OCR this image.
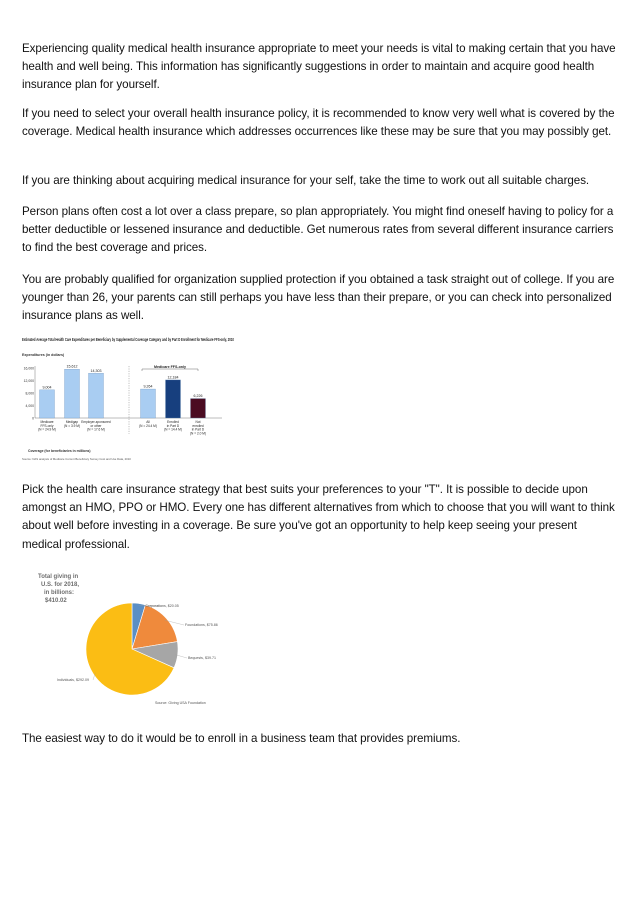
Experiencing quality medical health insurance appropriate to meet your needs is vital to making certain that you have health and well being. This information has significantly suggestions in order to maintain and acquire good health insurance plan for yourself.

If you need to select your overall health insurance policy, it is recommended to know very well what is covered by the coverage. Medical health insurance which addresses occurrences like these may be sure that you may possibly get.

If you are thinking about acquiring medical insurance for your self, take the time to work out all suitable charges.

Person plans often cost a lot over a class prepare, so plan appropriately. You might find oneself having to policy for a better deductible or lessened insurance and deductible. Get numerous rates from several different insurance carriers to find the best coverage and prices.

You are probably qualified for organization supplied protection if you obtained a task straight out of college. If you are younger than 26, your parents can still perhaps you have less than their prepare, or you can check into personalized insurance plans as well.

Estimated Average Total Health Care Expenditures per Beneficiary by Supplemental Coverage Category and by Part D Enrollment for Medicare FFS-only, 2010
Expenditures (in dollars)
16,000
12,000
8,000
4,000
0
Medicare FFS-only
9,004
15,612
14,303
9,264
12,184
6,226
Medicare FFS-only (N = 24.9 M)
Medigap (N = 3.9 M)
Employer-sponsored or other (N = 17.6 M)
All (N = 24.4 M)
Enrolled in Part D (N = 14.4 M)
Not enrolled in Part D (N = 2.0 M)
Coverage (for beneficiaries in millions)
Source: NAS analysis of Medicare Current Beneficiary Survey Cost and Use Data, 2010

Pick the health care insurance strategy that best suits your preferences to your "T". It is possible to decide upon amongst an HMO, PPO or HMO. Every one has different alternatives from which to choose that you will want to think about well before investing in a coverage. Be sure you've got an opportunity to help keep seeing your present medical professional.

Total giving in
U.S. for 2018,
in billions:
$410.02
Corporations, $20.05
Foundations, $75.86
Bequests, $39.71
Individuals, $292.09
Source: Giving USA Foundation

The easiest way to do it would be to enroll in a business team that provides premiums.
